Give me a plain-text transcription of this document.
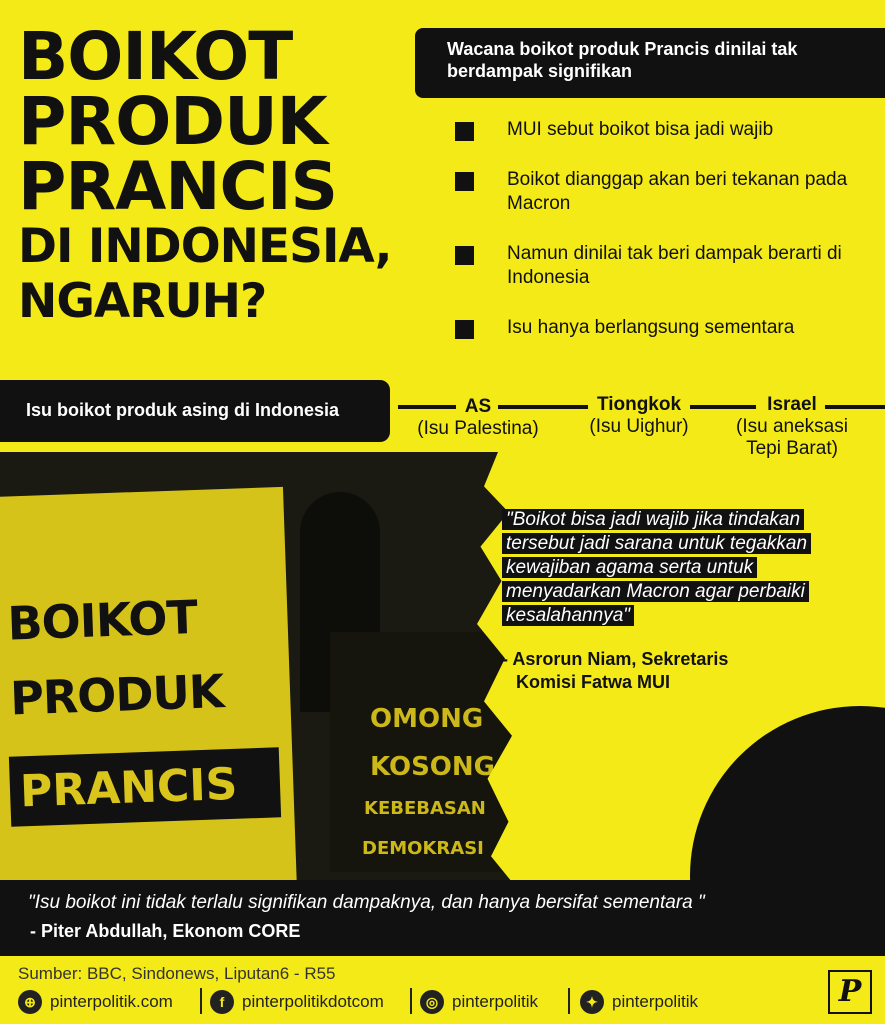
BOIKOT
PRODUK
PRANCIS
DI INDONESIA,
NGARUH?
Wacana boikot produk Prancis dinilai tak berdampak signifikan
MUI sebut boikot bisa jadi wajib
Boikot dianggap akan beri tekanan pada Macron
Namun dinilai tak beri dampak berarti di Indonesia
Isu hanya berlangsung sementara
Isu boikot produk asing di Indonesia	AS
(Isu Palestina)
Tiongkok
(Isu Uighur)
Israel
(Isu aneksasi Tepi Barat)
BOIKOT
PRODUK
PRANCIS
OMONG
KOSONG
KEBEBASAN
DEMOKRASI
"Boikot bisa jadi wajib jika tindakan tersebut jadi sarana untuk tegakkan kewajiban agama serta untuk menyadarkan Macron agar perbaiki kesalahannya"
- Asrorun Niam, Sekretaris
Komisi Fatwa MUI
"Isu boikot ini tidak terlalu signifikan dampaknya, dan hanya bersifat sementara "
- Piter Abdullah, Ekonom CORE
Sumber: BBC, Sindonews, Liputan6 - R55
⊕ pinterpolitik.com	f	pinterpolitikdotcom	◎ pinterpolitik	✦ pinterpolitik	P
